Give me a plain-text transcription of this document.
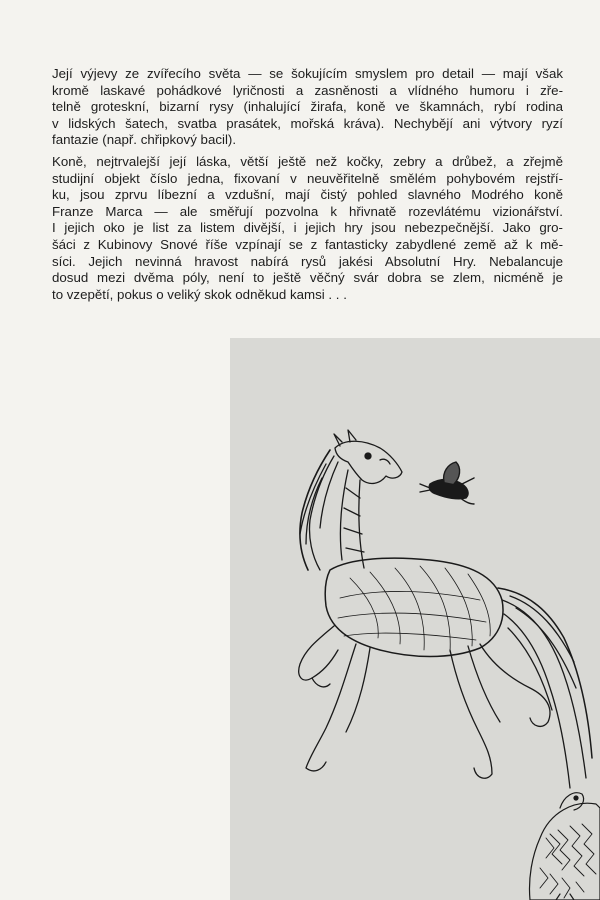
Její výjevy ze zvířecího světa — se šokujícím smyslem pro detail — mají však
kromě laskavé pohádkové lyričnosti a zasněnosti a vlídného humoru i zře-
telně groteskní, bizarní rysy (inhalující žirafa, koně ve škamnách, rybí rodina
v lidských šatech, svatba prasátek, mořská kráva). Nechybějí ani výtvory ryzí
fantazie (např. chřipkový bacil).

Koně, nejtrvalejší její láska, větší ještě než kočky, zebry a drůbež, a zřejmě
studijní objekt číslo jedna, fixovaní v neuvěřitelně smělém pohybovém rejstří-
ku, jsou zprvu líbezní a vzdušní, mají čistý pohled slavného Modrého koně
Franze Marca — ale směřují pozvolna k hřivnatě rozevlátému vizionářství.
I jejich oko je list za listem divější, i jejich hry jsou nebezpečnější. Jako gro-
šáci z Kubinovy Snové říše vzpínají se z fantasticky zabydlené země až k mě-
síci. Jejich nevinná hravost nabírá rysů jakési Absolutní Hry. Nebalancuje
dosud mezi dvěma póly, není to ještě věčný svár dobra se zlem, nicméně je
to vzepětí, pokus o veliký skok odněkud kamsi . . .
